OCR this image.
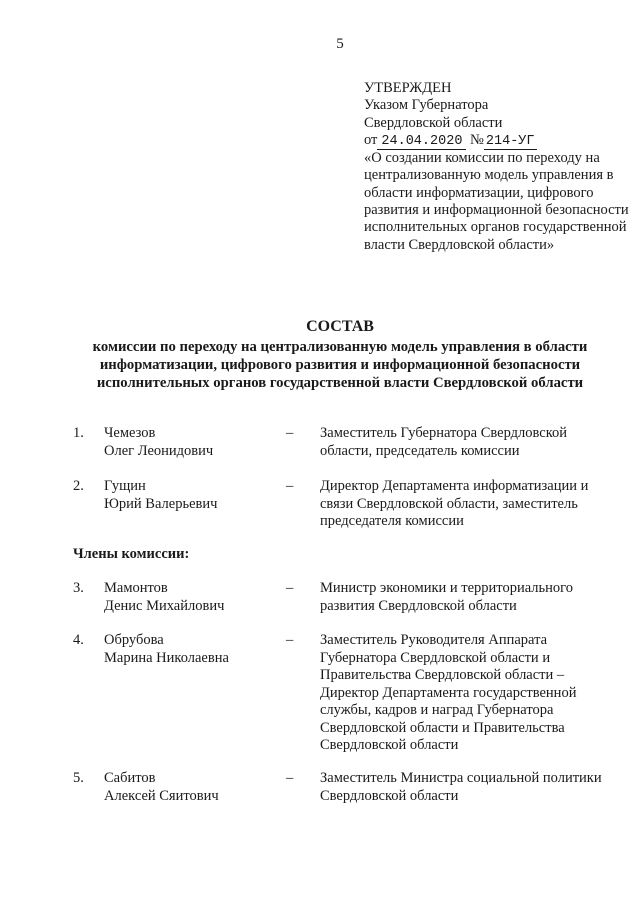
5
УТВЕРЖДЕН
Указом Губернатора
Свердловской области
от 24.04.2020 № 214-УГ
«О создании комиссии по переходу на централизованную модель управления в области информатизации, цифрового развития и информационной безопасности исполнительных органов государственной власти Свердловской области»
СОСТАВ
комиссии по переходу на централизованную модель управления в области
информатизации, цифрового развития и информационной безопасности
исполнительных органов государственной власти Свердловской области
1. Чемезов
Олег Леонидович
– Заместитель Губернатора Свердловской области, председатель комиссии
2. Гущин
Юрий Валерьевич
– Директор Департамента информатизации и связи Свердловской области, заместитель председателя комиссии
Члены комиссии:
3. Мамонтов
Денис Михайлович
– Министр экономики и территориального развития Свердловской области
4. Обрубова
Марина Николаевна
– Заместитель Руководителя Аппарата Губернатора Свердловской области и Правительства Свердловской области – Директор Департамента государственной службы, кадров и наград Губернатора Свердловской области и Правительства Свердловской области
5. Сабитов
Алексей Сяитович
– Заместитель Министра социальной политики Свердловской области
